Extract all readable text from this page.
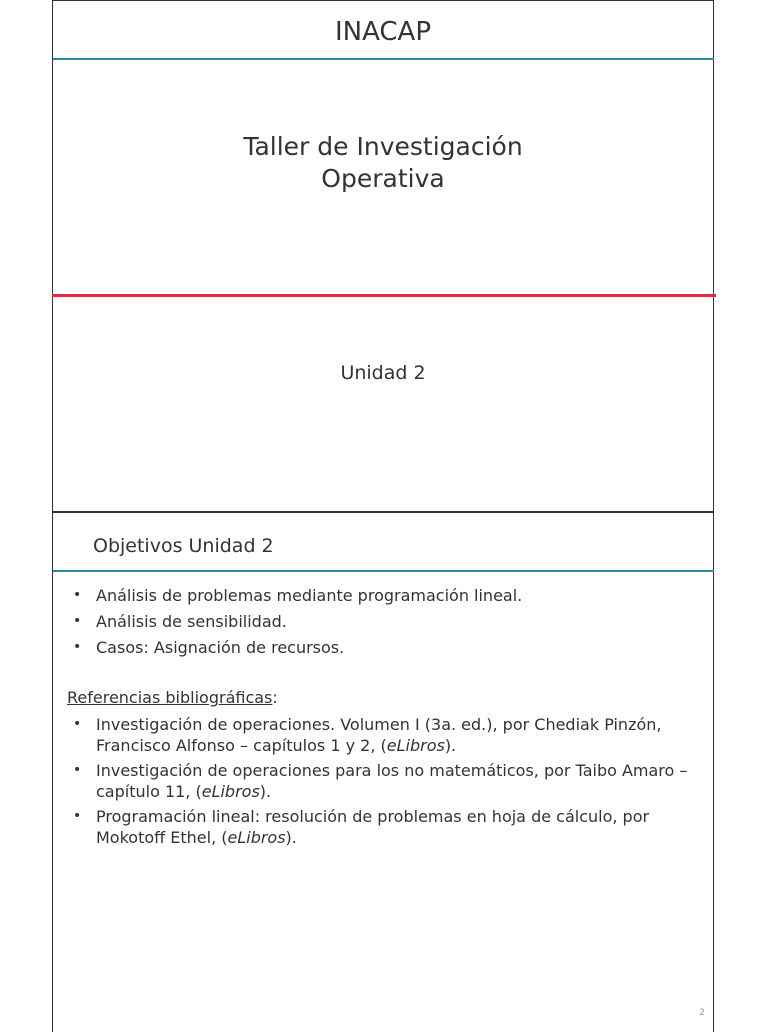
INACAP
Taller de Investigación
Operativa
Unidad 2
Objetivos Unidad 2
• Análisis de problemas mediante programación lineal.
• Análisis de sensibilidad.
• Casos: Asignación de recursos.
Referencias bibliográficas:
• Investigación de operaciones. Volumen I (3a. ed.), por Chediak Pinzón, Francisco Alfonso – capítulos 1 y 2, (eLibros).
• Investigación de operaciones para los no matemáticos, por Taibo Amaro – capítulo 11, (eLibros).
• Programación lineal: resolución de problemas en hoja de cálculo, por Mokotoff Ethel, (eLibros).
2
